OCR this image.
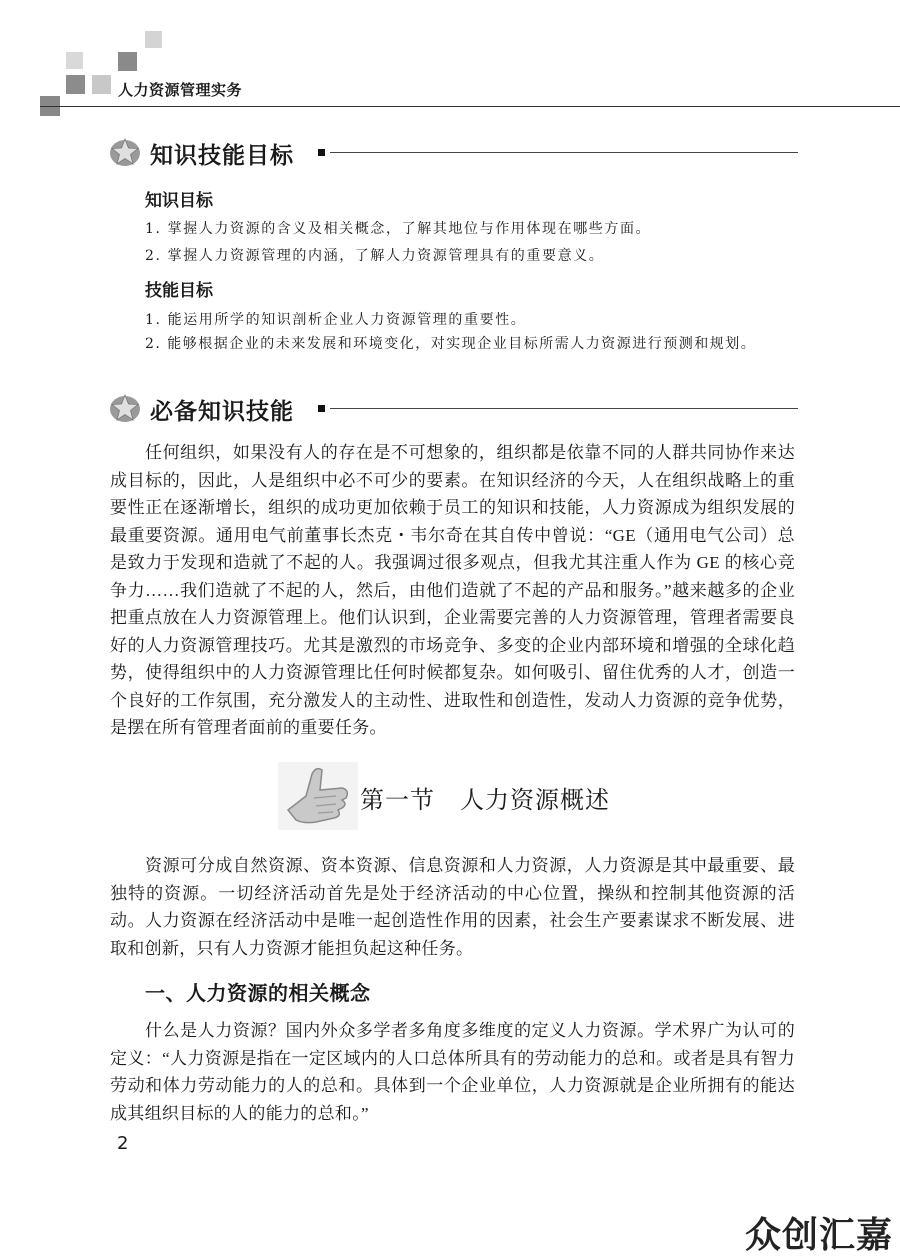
人力资源管理实务
知识技能目标
知识目标
1. 掌握人力资源的含义及相关概念，了解其地位与作用体现在哪些方面。
2. 掌握人力资源管理的内涵，了解人力资源管理具有的重要意义。
技能目标
1. 能运用所学的知识剖析企业人力资源管理的重要性。

2. 能够根据企业的未来发展和环境变化，对实现企业目标所需人力资源进行预测和规划。

必备知识技能

任何组织，如果没有人的存在是不可想象的，组织都是依靠不同的人群共同协作来达成目标的，因此，人是组织中必不可少的要素。在知识经济的今天，人在组织战略上的重要性正在逐渐增长，组织的成功更加依赖于员工的知识和技能，人力资源成为组织发展的最重要资源。通用电气前董事长杰克・韦尔奇在其自传中曾说：“GE（通用电气公司）总是致力于发现和造就了不起的人。我强调过很多观点，但我尤其注重人作为 GE 的核心竞争力……我们造就了不起的人，然后，由他们造就了不起的产品和服务。”越来越多的企业把重点放在人力资源管理上。他们认识到，企业需要完善的人力资源管理，管理者需要良好的人力资源管理技巧。尤其是激烈的市场竞争、多变的企业内部环境和增强的全球化趋势，使得组织中的人力资源管理比任何时候都复杂。如何吸引、留住优秀的人才，创造一个良好的工作氛围，充分激发人的主动性、进取性和创造性，发动人力资源的竞争优势，是摆在所有管理者面前的重要任务。

第一节　人力资源概述

资源可分成自然资源、资本资源、信息资源和人力资源，人力资源是其中最重要、最独特的资源。一切经济活动首先是处于经济活动的中心位置，操纵和控制其他资源的活动。人力资源在经济活动中是唯一起创造性作用的因素，社会生产要素谋求不断发展、进取和创新，只有人力资源才能担负起这种任务。

一、人力资源的相关概念

什么是人力资源？国内外众多学者多角度多维度的定义人力资源。学术界广为认可的定义：“人力资源是指在一定区域内的人口总体所具有的劳动能力的总和。或者是具有智力劳动和体力劳动能力的人的总和。具体到一个企业单位，人力资源就是企业所拥有的能达成其组织目标的人的能力的总和。”

2
众创汇嘉
